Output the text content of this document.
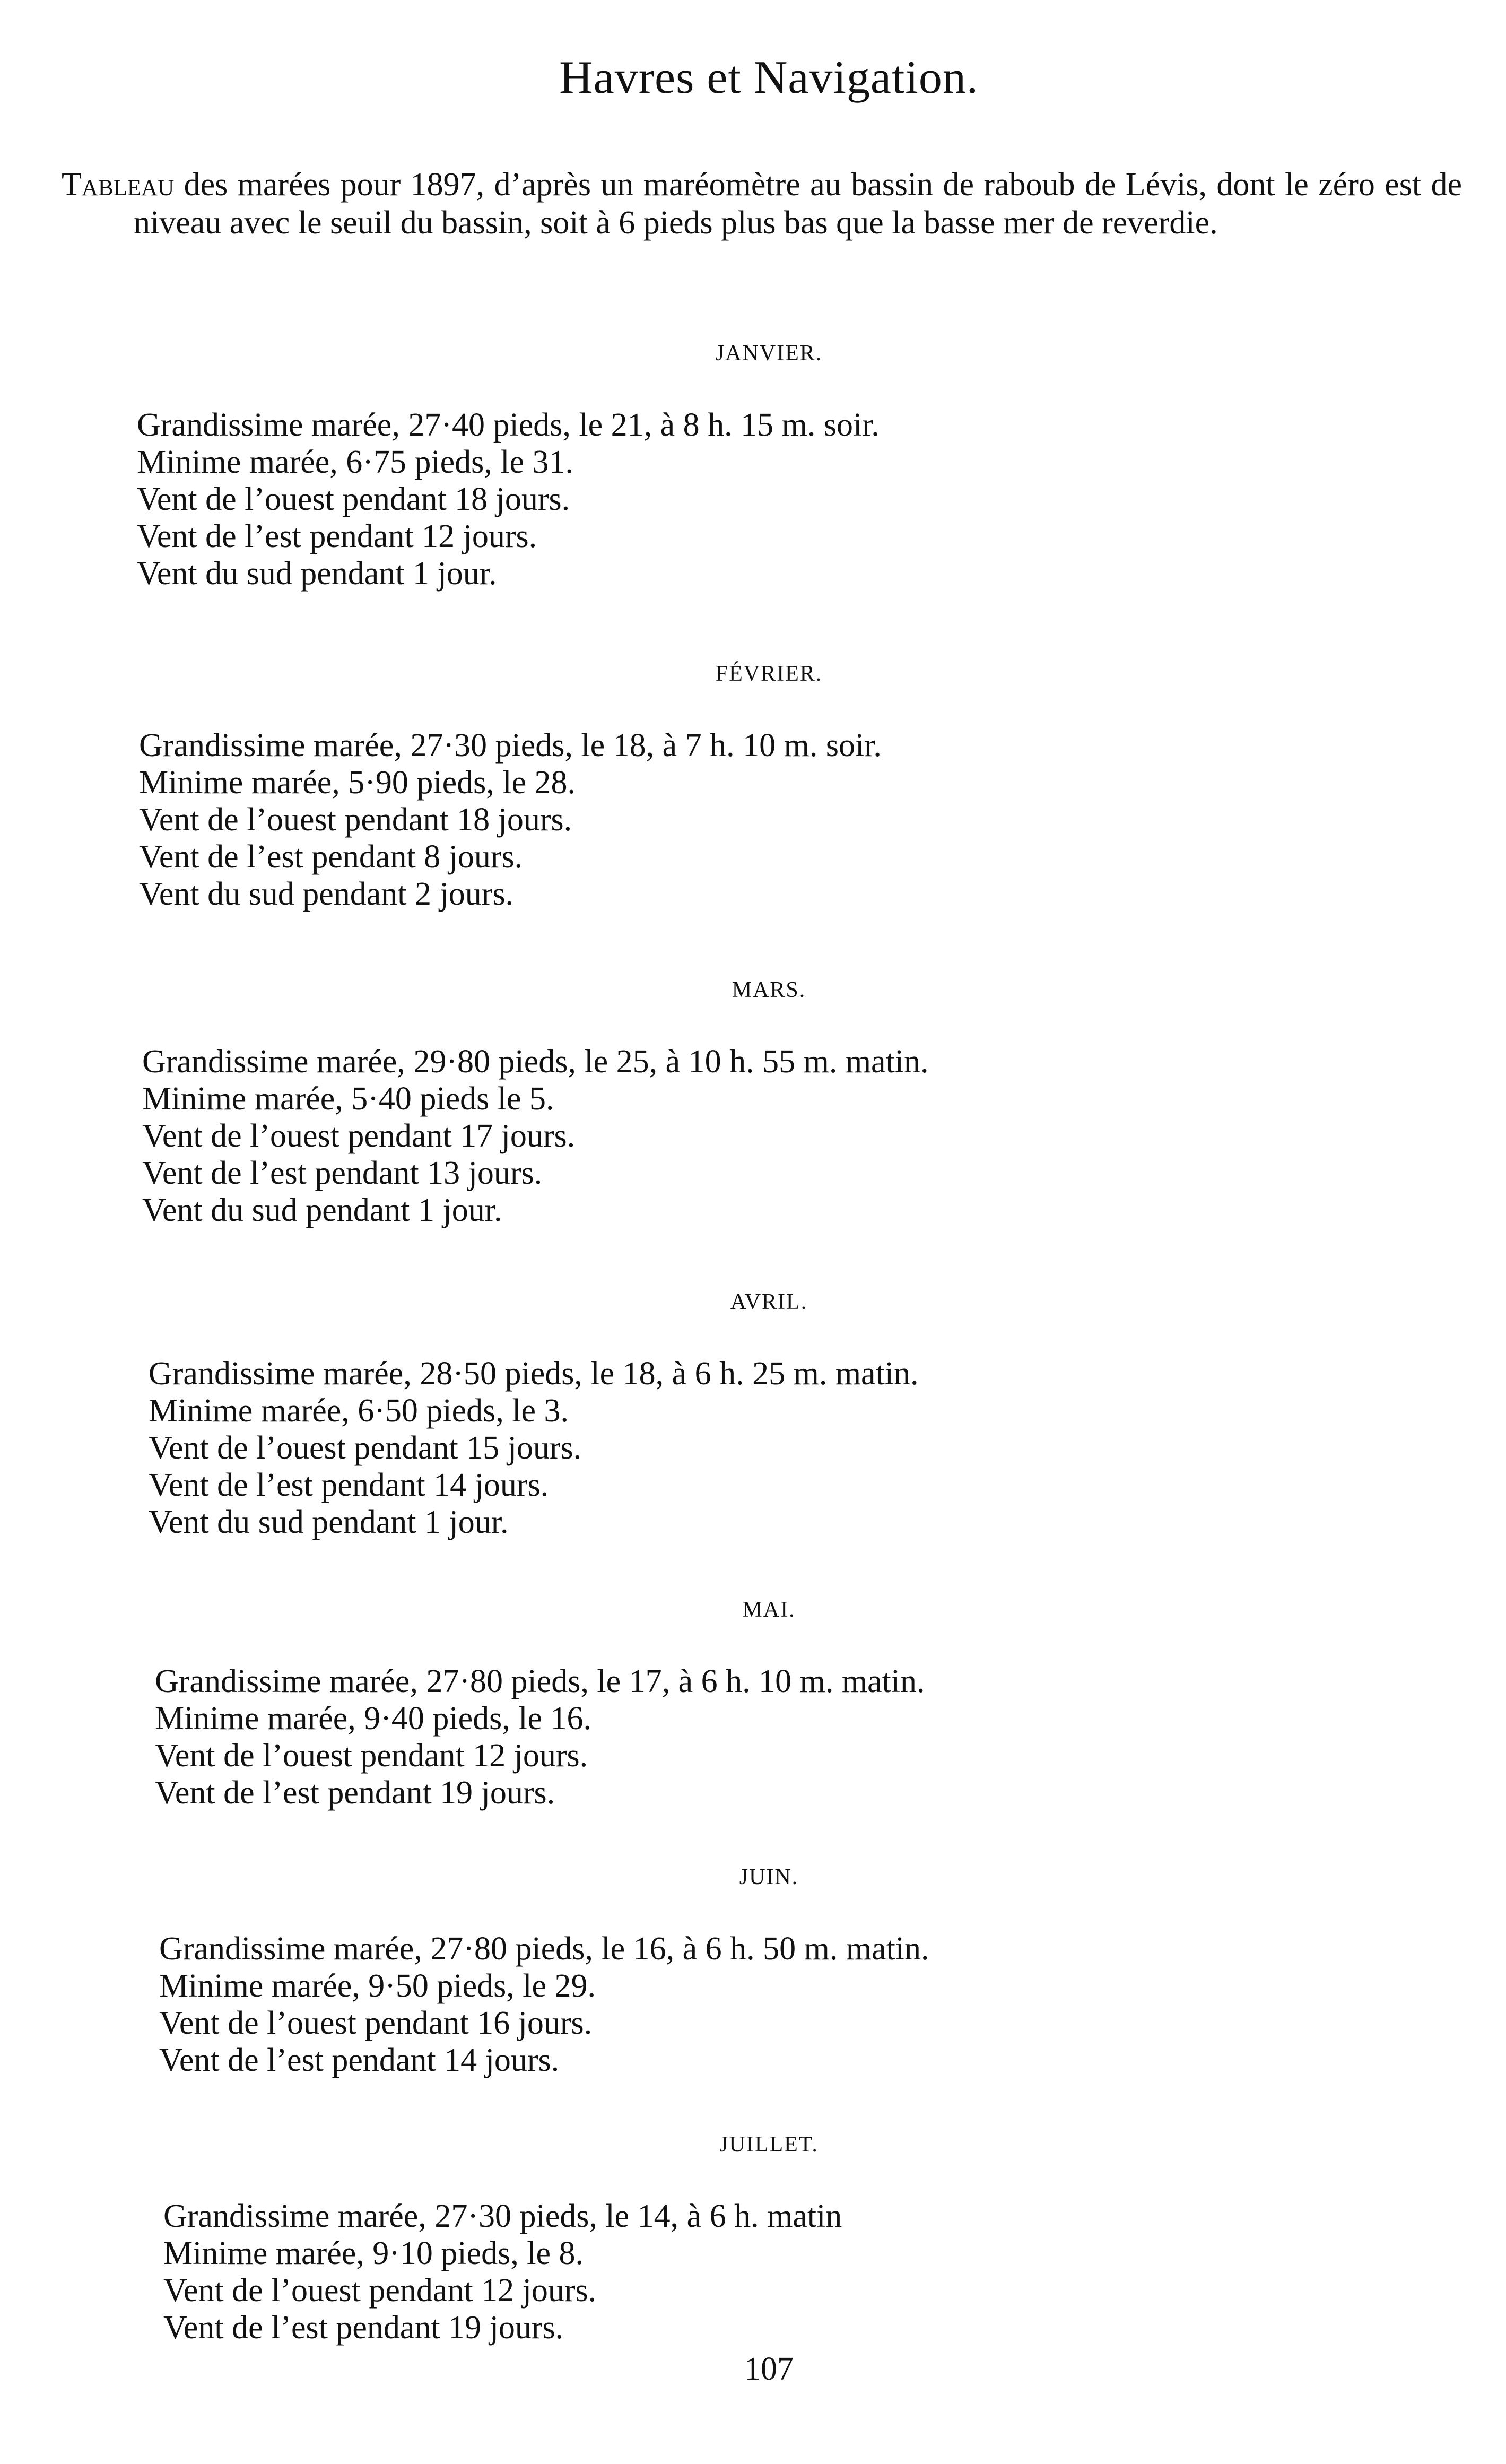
Havres et Navigation.

Tableau des marées pour 1897, d’après un maréomètre au bassin de raboub de Lévis, dont le zéro est de niveau avec le seuil du bassin, soit à 6 pieds plus bas que la basse mer de reverdie.

JANVIER.
Grandissime marée, 27·40 pieds, le 21, à 8 h. 15 m. soir.
Minime marée, 6·75 pieds, le 31.
Vent de l’ouest pendant 18 jours.
Vent de l’est pendant 12 jours.
Vent du sud pendant 1 jour.
FÉVRIER.
Grandissime marée, 27·30 pieds, le 18, à 7 h. 10 m. soir.
Minime marée, 5·90 pieds, le 28.
Vent de l’ouest pendant 18 jours.
Vent de l’est pendant 8 jours.
Vent du sud pendant 2 jours.
MARS.
Grandissime marée, 29·80 pieds, le 25, à 10 h. 55 m. matin.
Minime marée, 5·40 pieds le 5.
Vent de l’ouest pendant 17 jours.
Vent de l’est pendant 13 jours.
Vent du sud pendant 1 jour.
AVRIL.
Grandissime marée, 28·50 pieds, le 18, à 6 h. 25 m. matin.
Minime marée, 6·50 pieds, le 3.
Vent de l’ouest pendant 15 jours.
Vent de l’est pendant 14 jours.
Vent du sud pendant 1 jour.
MAI.
Grandissime marée, 27·80 pieds, le 17, à 6 h. 10 m. matin.
Minime marée, 9·40 pieds, le 16.
Vent de l’ouest pendant 12 jours.
Vent de l’est pendant 19 jours.
JUIN.
Grandissime marée, 27·80 pieds, le 16, à 6 h. 50 m. matin.
Minime marée, 9·50 pieds, le 29.
Vent de l’ouest pendant 16 jours.
Vent de l’est pendant 14 jours.
JUILLET.
Grandissime marée, 27·30 pieds, le 14, à 6 h. matin
Minime marée, 9·10 pieds, le 8.
Vent de l’ouest pendant 12 jours.
Vent de l’est pendant 19 jours.
107
